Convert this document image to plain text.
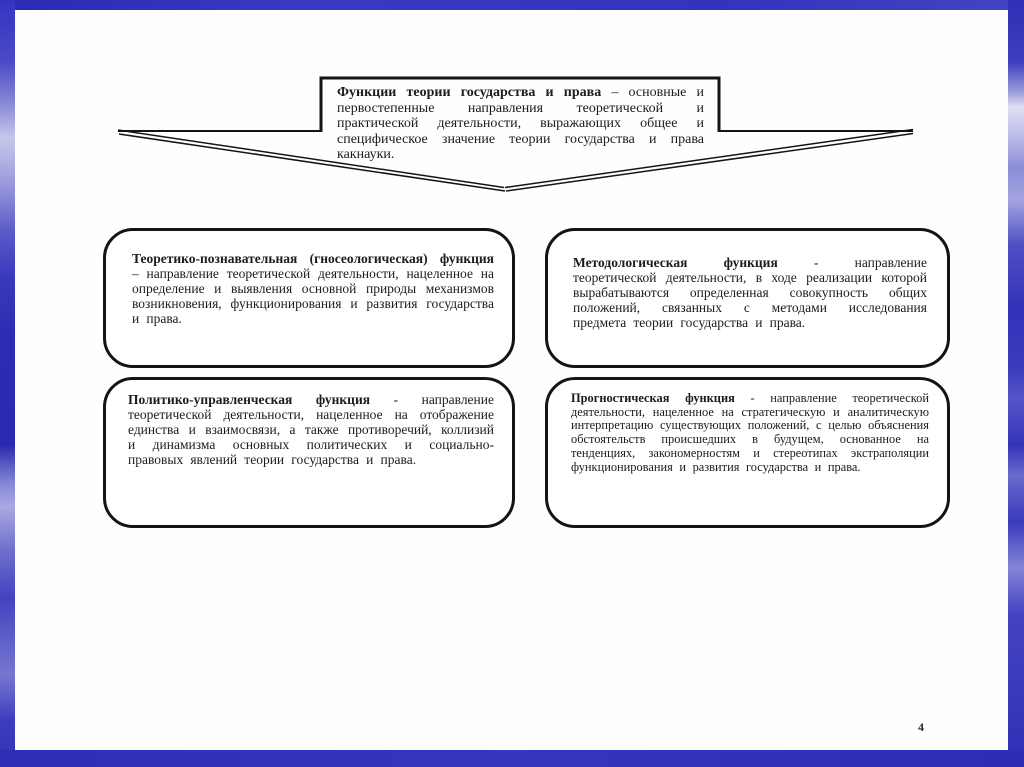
Функции теории государства и права – основные и первостепенные направления теоретической и практической деятельности, выражающих общее и специфическое значение теории государства и права какнауки.
Теоретико-познавательная (гносеологическая) функция – направление теоретической деятельности, нацеленное на определение и выявления основной природы механизмов возникновения, функционирования и развития государства и права.
Методологическая функция	- направление теоретической деятельности, в ходе реализации которой вырабатываются определенная совокупность общих положений, связанных с методами исследования предмета теории государства и права.
Политико-управленческая функция - направление теоретической деятельности, нацеленное на отображение единства и взаимосвязи, а также противоречий, коллизий и динамизма основных политических и социально-правовых явлений теории государства и права.
Прогностическая функция - направление теоретической деятельности, нацеленное на стратегическую и аналитическую интерпретацию существующих положений, с целью объяснения обстоятельств происшедших в будущем, основанное на тенденциях, закономерностям и стереотипах экстраполяции функционирования и развития государства и права.
4
